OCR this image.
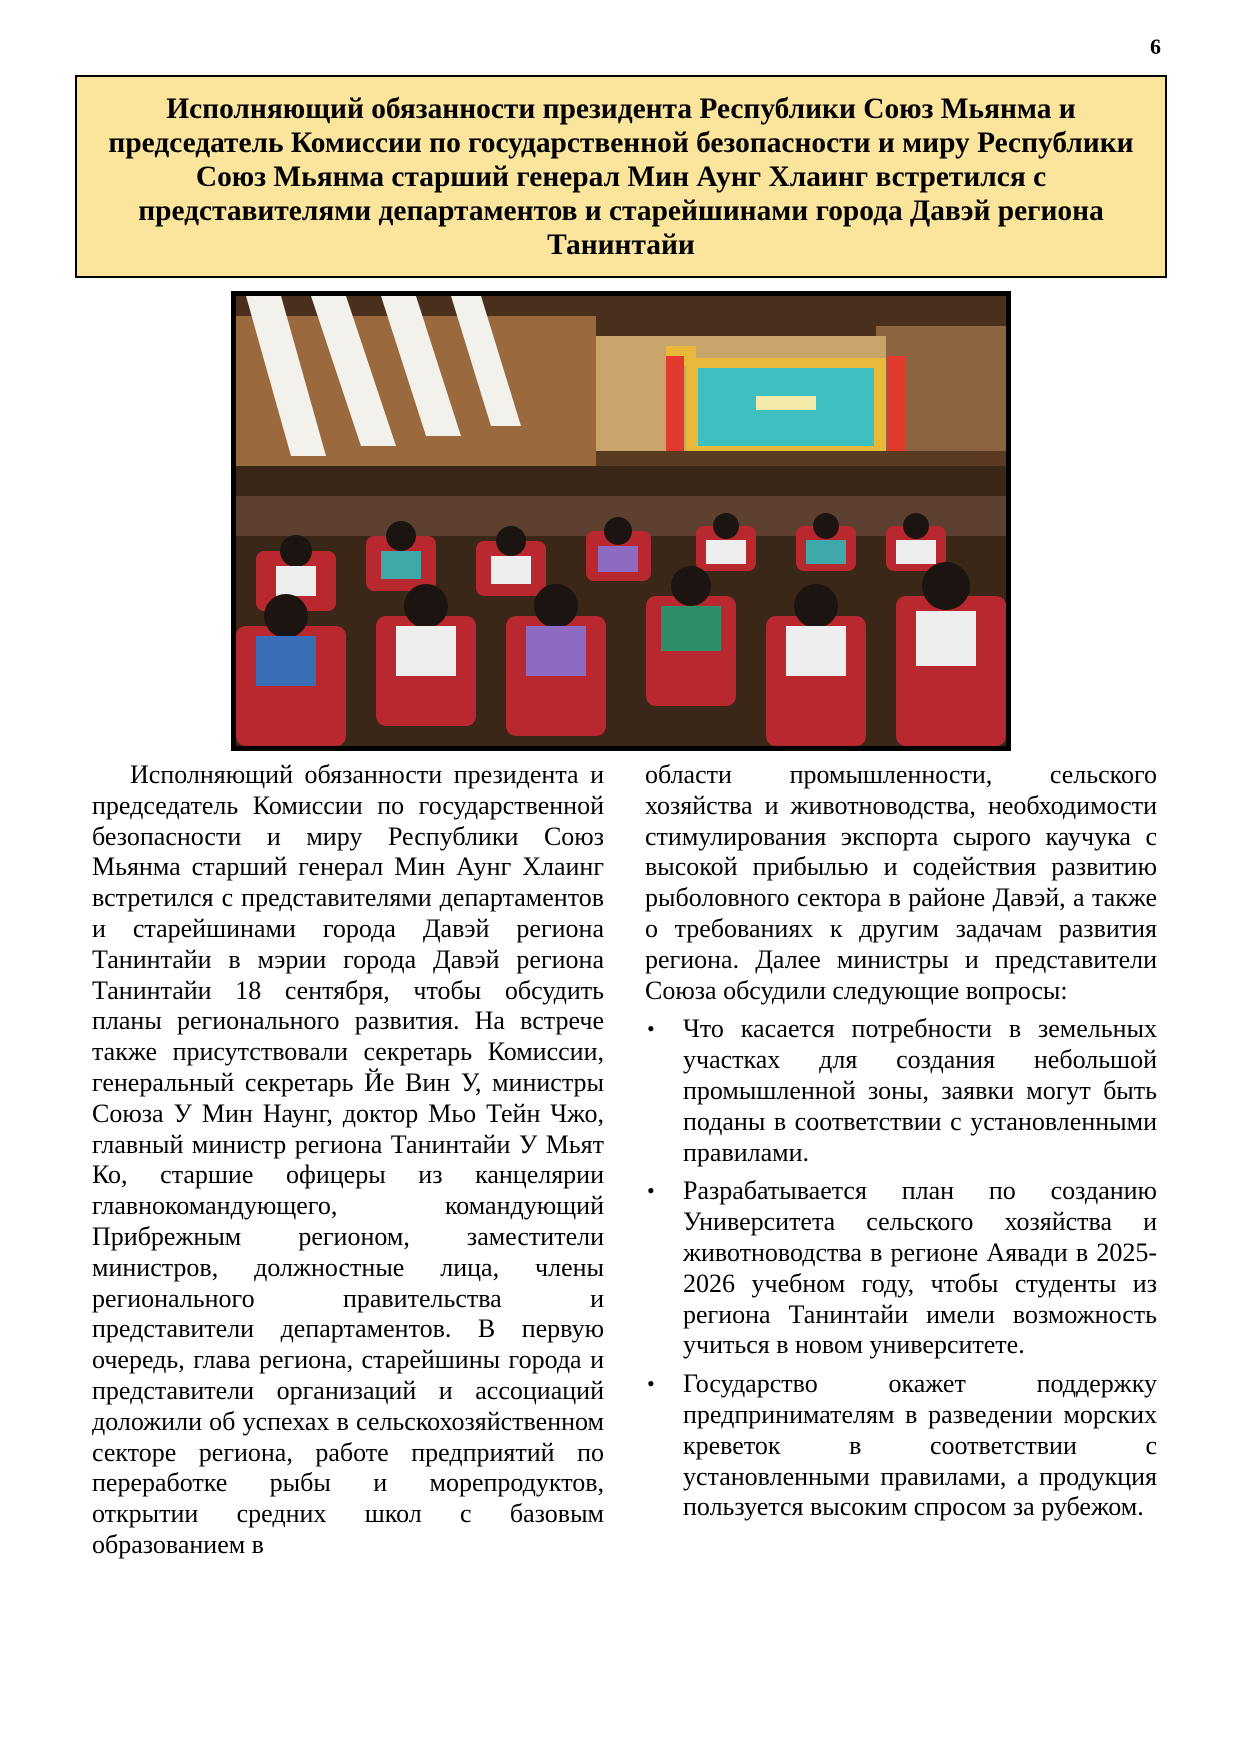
6
Исполняющий обязанности президента Республики Союз Мьянма и председатель Комиссии по государственной безопасности и миру Республики Союз Мьянма старший генерал Мин Аунг Хлаинг встретился с представителями департаментов и старейшинами города Давэй региона Танинтайи

Исполняющий обязанности президента и председатель Комиссии по государственной безопасности и миру Республики Союз Мьянма старший генерал Мин Аунг Хлаинг встретился с представителями департаментов и старейшинами города Давэй региона Танинтайи в мэрии города Давэй региона Танинтайи 18 сентября, чтобы обсудить планы регионального развития. На встрече также присутствовали секретарь Комиссии, генеральный секретарь Йе Вин У, министры Союза У Мин Наунг, доктор Мьо Тейн Чжо, главный министр региона Танинтайи У Мьят Ко, старшие офицеры из канцелярии главнокомандующего, командующий Прибрежным регионом, заместители министров, должностные лица, члены регионального правительства и представители департаментов. В первую очередь, глава региона, старейшины города и представители организаций и ассоциаций доложили об успехах в сельскохозяйственном секторе региона, работе предприятий по переработке рыбы и морепродуктов, открытии средних школ с базовым образованием в

области промышленности, сельского хозяйства и животноводства, необходимости стимулирования экспорта сырого каучука с высокой прибылью и содействия развитию рыболовного сектора в районе Давэй, а также о требованиях к другим задачам развития региона. Далее министры и представители Союза обсудили следующие вопросы:

• Что касается потребности в земельных участках для создания небольшой промышленной зоны, заявки могут быть поданы в соответствии с установленными правилами.
• Разрабатывается план по созданию Университета сельского хозяйства и животноводства в регионе Аявади в 2025-2026 учебном году, чтобы студенты из региона Танинтайи имели возможность учиться в новом университете.
• Государство окажет поддержку предпринимателям в разведении морских креветок в соответствии с установленными правилами, а продукция пользуется высоким спросом за рубежом.
